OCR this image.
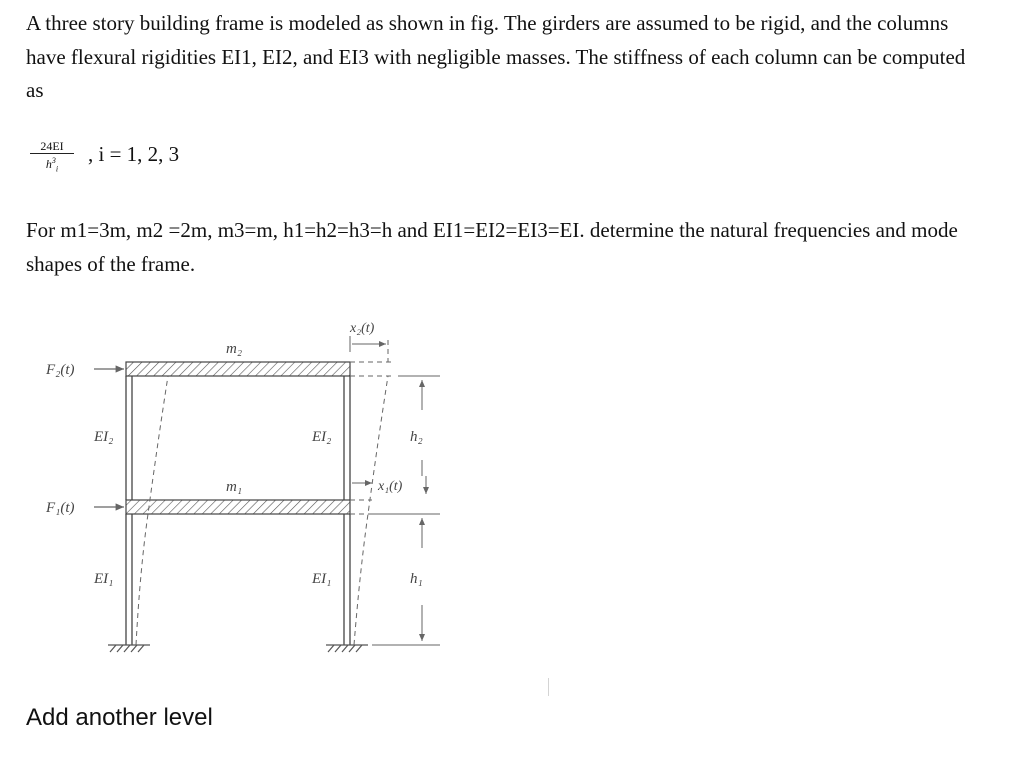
A three story building frame is modeled as shown in fig. The girders are assumed to be rigid, and the columns have flexural rigidities EI1, EI2, and EI3 with negligible masses. The stiffness of each column can be computed as
$\frac{24EI}{h^3_i}$ , i = 1, 2, 3
For m1=3m, m2 =2m, m3=m, h1=h2=h3=h and EI1=EI2=EI3=EI. determine the natural frequencies and mode shapes of the frame.
F₂(t)
F₁(t)
m₂
m₁
EI₂	EI₂
EI₁	EI₁
x₂(t)
x₁(t)
h₂
h₁
Add another level
